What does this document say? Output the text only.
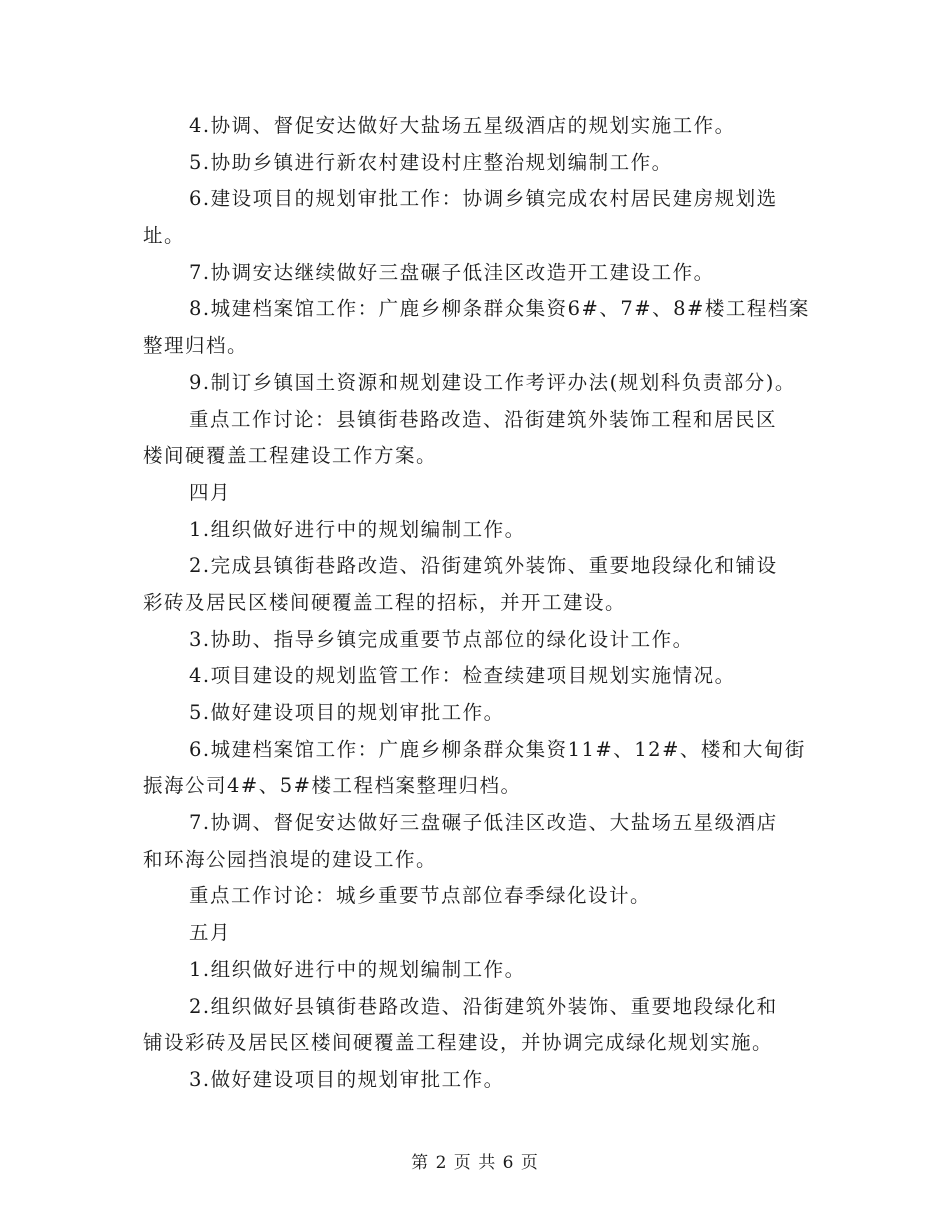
4.协调、督促安达做好大盐场五星级酒店的规划实施工作。
5.协助乡镇进行新农村建设村庄整治规划编制工作。
6.建设项目的规划审批工作：协调乡镇完成农村居民建房规划选
址。
7.协调安达继续做好三盘碾子低洼区改造开工建设工作。
8.城建档案馆工作：广鹿乡柳条群众集资6#、7#、8#楼工程档案
整理归档。
9.制订乡镇国土资源和规划建设工作考评办法(规划科负责部分)。
重点工作讨论：县镇街巷路改造、沿街建筑外装饰工程和居民区
楼间硬覆盖工程建设工作方案。
四月
1.组织做好进行中的规划编制工作。
2.完成县镇街巷路改造、沿街建筑外装饰、重要地段绿化和铺设
彩砖及居民区楼间硬覆盖工程的招标，并开工建设。
3.协助、指导乡镇完成重要节点部位的绿化设计工作。
4.项目建设的规划监管工作：检查续建项目规划实施情况。
5.做好建设项目的规划审批工作。
6.城建档案馆工作：广鹿乡柳条群众集资11#、12#、楼和大甸街
振海公司4#、5#楼工程档案整理归档。
7.协调、督促安达做好三盘碾子低洼区改造、大盐场五星级酒店
和环海公园挡浪堤的建设工作。
重点工作讨论：城乡重要节点部位春季绿化设计。
五月
1.组织做好进行中的规划编制工作。
2.组织做好县镇街巷路改造、沿街建筑外装饰、重要地段绿化和
铺设彩砖及居民区楼间硬覆盖工程建设，并协调完成绿化规划实施。
3.做好建设项目的规划审批工作。
第 2 页 共 6 页
